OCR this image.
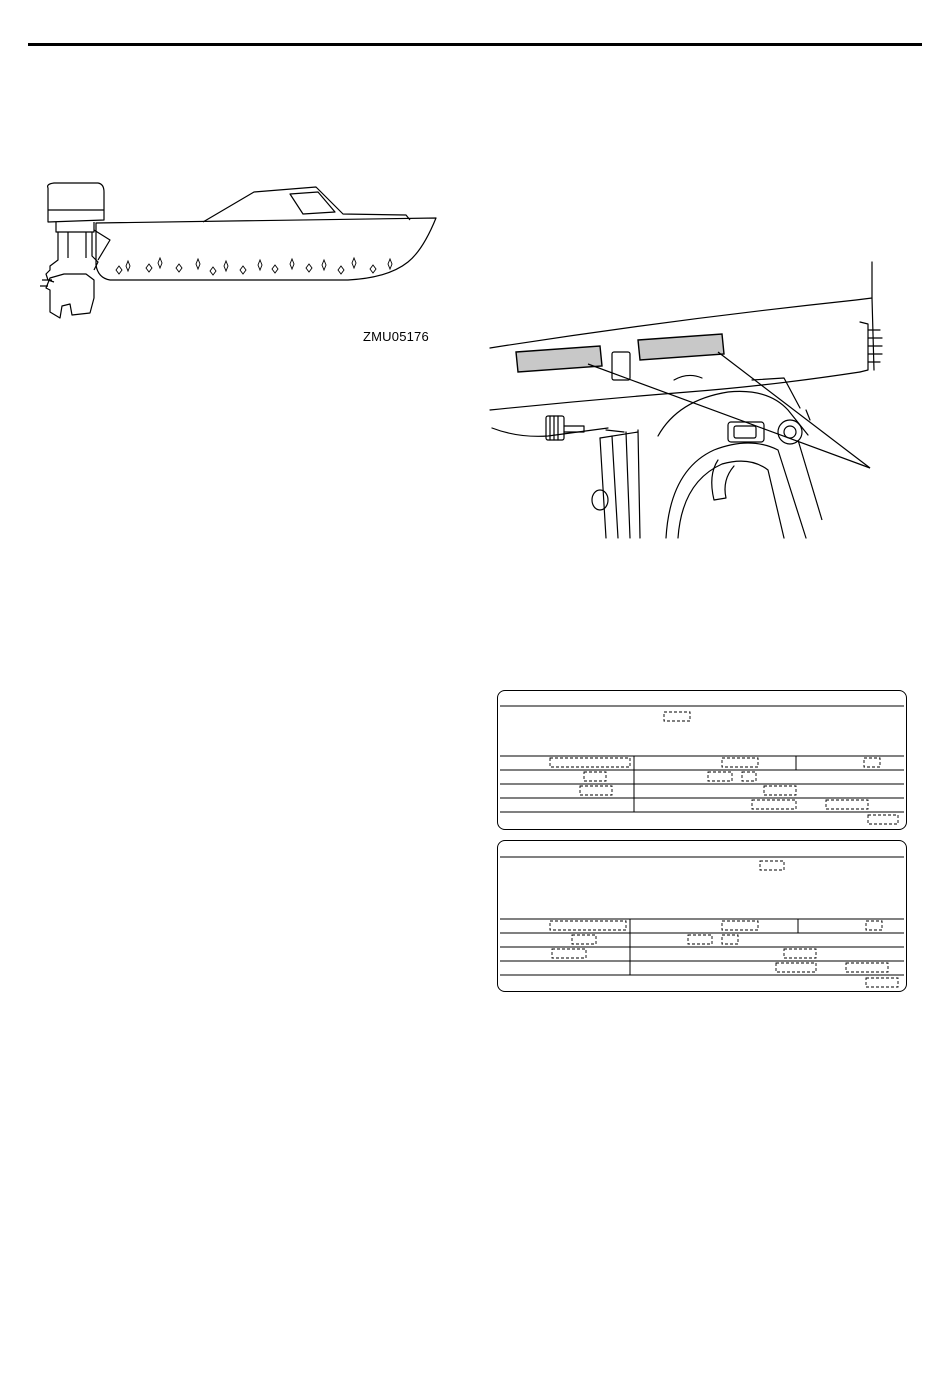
ZMU05176
